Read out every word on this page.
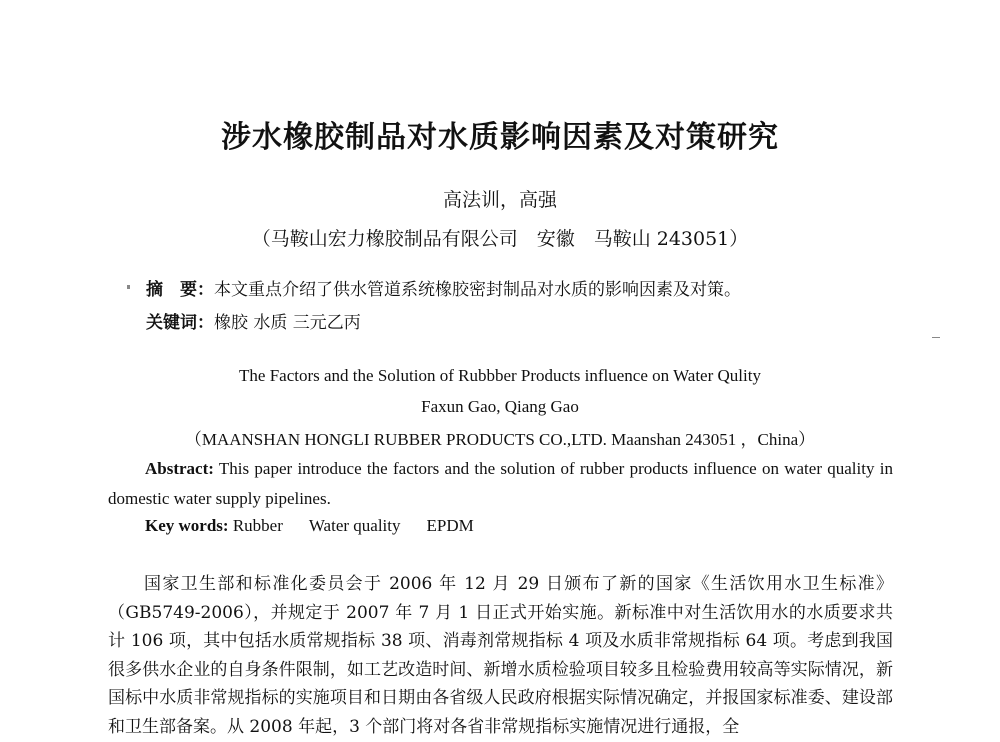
涉水橡胶制品对水质影响因素及对策研究
高法训，高强
（马鞍山宏力橡胶制品有限公司　安徽　马鞍山 243051）
摘　要：本文重点介绍了供水管道系统橡胶密封制品对水质的影响因素及对策。
关键词：橡胶 水质 三元乙丙
The Factors and the Solution of Rubbber Products influence on Water Qulity
Faxun Gao, Qiang Gao
（MAANSHAN HONGLI RUBBER PRODUCTS CO.,LTD. Maanshan 243051 ，China）
Abstract: This paper introduce the factors and the solution of rubber products influence on water quality in domestic water supply pipelines.
Key words: Rubber Water quality EPDM
国家卫生部和标准化委员会于 2006 年 12 月 29 日颁布了新的国家《生活饮用水卫生标准》（GB5749-2006），并规定于 2007 年 7 月 1 日正式开始实施。新标准中对生活饮用水的水质要求共计 106 项，其中包括水质常规指标 38 项、消毒剂常规指标 4 项及水质非常规指标 64 项。考虑到我国很多供水企业的自身条件限制，如工艺改造时间、新增水质检验项目较多且检验费用较高等实际情况，新国标中水质非常规指标的实施项目和日期由各省级人民政府根据实际情况确定，并报国家标准委、建设部和卫生部备案。从 2008 年起，3 个部门将对各省非常规指标实施情况进行通报，全
